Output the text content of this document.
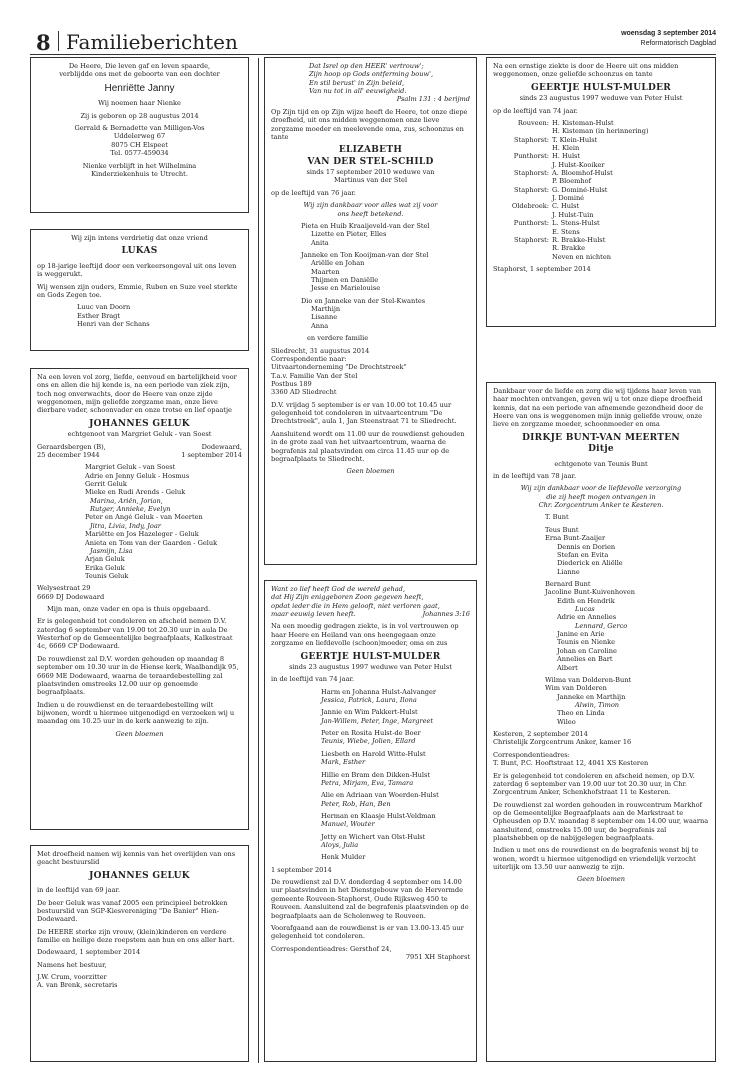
8 Familieberichten	woensdag 3 september 2014
Reformatorisch Dagblad

De Heere, Die leven gaf en leven spaarde,

verblijdde ons met de geboorte van een dochter

Henriëtte Janny

Wij noemen haar Nienke

Zij is geboren op 28 augustus 2014

Gerrald & Bernadette van Milligen-Vos

Uddelerweg 67

8075 CH Elspeet

Tel. 0577-459034

Nienke verblijft in het Wilhelmina

Kinderziekenhuis te Utrecht.

Wij zijn intens verdrietig dat onze vriend

LUKAS

op 18-jarige leeftijd door een verkeersongeval uit ons leven is weggerukt.

Wij wensen zijn ouders, Emmie, Ruben en Suze veel sterkte en Gods Zegen toe.

Luuc van Doorn

Esther Bragt

Henri van der Schans

Na een leven vol zorg, liefde, eenvoud en bartelijkheid voor ons en allen die hij kende is, na een periode van ziek zijn, toch nog onverwachts, door de Heere van onze zijde weggenomen, mijn geliefde zorgzame man, onze lieve dierbare vader, schoonvader en onze trotse en lief opaatje

JOHANNES GELUK

echtgenoot van Margriet Geluk - van Soest

Geraardsbergen (B),	Dodewaard,
25 december 1944	1 september 2014

Margriet Geluk - van Soest

Adrie en Jenny Geluk - Hosmus

Gerrit Geluk

Mieke en Rudi Arends - Geluk

Marina, Ariën, Jorian,

Rutger, Annieke, Evelyn

Peter en Angé Geluk - van Meerten

Jitra, Livia, Indy, Joar

Mariëtte en Jos Hazeleger - Geluk

Anieta en Tom van der Gaarden - Geluk

Jasmijn, Lisa

Arjan Geluk

Erika Geluk

Teunis Geluk

Welysestraat 29

6669 DJ Dodewaard

Mijn man, onze vader en opa is thuis opgebaard.

Er is gelegenheid tot condoleren en afscheid nemen D.V. zaterdag 6 september van 19.00 tot 20.30 uur in aula De Westerhof op de Gemeentelijke begraafplaats, Kalkestraat 4c, 6669 CP Dodewaard.

De rouwdienst zal D.V. worden gehouden op maandag 8 september om 10.30 uur in de Hiense kerk, Waalbandijk 95, 6669 ME Dodewaard, waarna de teraardebestelling zal plaatsvinden omstreeks 12.00 uur op genoemde begraafplaats.

Indien u de rouwdienst en de teraardebestelling wilt bijwonen, wordt u hiermee uitgenodigd en verzoeken wij u maandag om 10.25 uur in de kerk aanwezig te zijn.

Geen bloemen

Met droefheid namen wij kennis van het overlijden van ons geacht bestuurslid

JOHANNES GELUK

in de leeftijd van 69 jaar.

De beer Geluk was vanaf 2005 een principieel betrokken bestuurslid van SGP-Kiesvereniging "De Banier" Hien-Dodewaard.

De HEERE sterke zijn vrouw, (klein)kinderen en verdere familie en heilige deze roepstem aan hun en ons aller hart.

Dodewaard, 1 september 2014

Namens het bestuur,

J.W. Crum, voorzitter

A. van Brenk, secretaris

Dat Isrel op den HEER' vertrouw';

Zijn hoop op Gods ontferming bouw',

En stil berust' in Zijn beleid,

Van nu tot in all' eeuwigheid.

Psalm 131 : 4 berijmd

Op Zijn tijd en op Zijn wijze heeft de Heere, tot onze diepe droefheid, uit ons midden weggenomen onze lieve zorgzame moeder en meelevende oma, zus, schoonzus en tante

ELIZABETH

VAN DER STEL-SCHILD

sinds 17 september 2010 weduwe van

Martinus van der Stel

op de leeftijd van 76 jaar.

Wij zijn dankbaar voor alles wat zij voor

ons heeft betekend.

Pieta en Huib Kraaijeveld-van der Stel

Lizette en Pieter, Elles

Anita

Janneke en Ton Kooijman-van der Stel

Ariëlle en Johan

Maarten

Thijmen en Daniëlle

Jesse en Marielouise

Dio en Janneke van der Stel-Kwantes

Marthijn

Lisanne

Anna

en verdere familie

Sliedrecht, 31 augustus 2014

Correspondentie naar:

Uitvaartonderneming "De Drechtstreek"

T.a.v. Familie Van der Stel

Postbus 189

3360 AD Sliedrecht

D.V. vrijdag 5 september is er van 10.00 tot 10.45 uur gelegenheid tot condoleren in uitvaartcentrum "De Drechtstreek", aula 1, Jan Steenstraat 71 te Sliedrecht.

Aansluitend wordt om 11.00 uur de rouwdienst gehouden in de grote zaal van het uitvaartcentrum, waarna de begrafenis zal plaatsvinden om circa 11.45 uur op de begraafplaats te Sliedrecht.

Geen bloemen

Want zo lief heeft God de wereld gehad,

dat Hij Zijn eniggeboren Zoon gegeven heeft,

opdat ieder die in Hem gelooft, niet verloren gaat,

maar eeuwig leven heeft.	Johannes 3:16

Na een moedig gedragen ziekte, is in vol vertrouwen op haar Heere en Heiland van ons heengegaan onze zorgzame en liefdevolle (schoon)moeder, oma en zus

GEERTJE HULST-MULDER

sinds 23 augustus 1997 weduwe van Peter Hulst

in de leeftijd van 74 jaar.

Harm en Johanna Hulst-Aalvanger

Jessica, Patrick, Laura, Ilona

Jannie en Wim Pakkert-Hulst

Jan-Willem, Peter, Inge, Margreet

Peter en Rosita Hulst-de Boer

Teunis, Wiebe, Jolien, Ellard

Liesbeth en Harold Witte-Hulst

Mark, Esther

Hillie en Bram den Dikken-Hulst

Petra, Mirjam, Eva, Tamara

Alie en Adriaan van Woerden-Hulst

Peter, Rob, Han, Ben

Herman en Klaasje Hulst-Veldman

Manuel, Wouter

Jetty en Wichert van Olst-Hulst

Aloys, Julia

Henk Mulder

1 september 2014

De rouwdienst zal D.V. donderdag 4 september om 14.00 uur plaatsvinden in het Dienstgebouw van de Hervormde gemeente Rouveen-Staphorst, Oude Rijksweg 450 te Rouveen. Aansluitend zal de begrafenis plaatsvinden op de begraafplaats aan de Scholenweg te Rouveen.

Voorafgaand aan de rouwdienst is er van 13.00-13.45 uur gelegenheid tot condoleren.

Correspondentieadres: Gersthof 24,

7951 XH Staphorst

Na een ernstige ziekte is door de Heere uit ons midden weggenomen, onze geliefde schoonzus en tante

GEERTJE HULST-MULDER

sinds 23 augustus 1997 weduwe van Peter Hulst

op de leeftijd van 74 jaar.

Rouveen: H. Kisteman-Hulst
H. Kisteman (in herinnering)
Staphorst: T. Klein-Hulst
H. Klein
Punthorst: H. Hulst
J. Hulst-Kooiker
Staphorst: A. Bloemhof-Hulst
P. Bloemhof
Staphorst: G. Dominé-Hulst
J. Dominé
Oldebroek: C. Hulst
J. Hulst-Tuin
Punthorst: L. Stens-Hulst
E. Stens
Staphorst: R. Brakke-Hulst
R. Brakke
Neven en nichten

Staphorst, 1 september 2014

Dankbaar voor de liefde en zorg die wij tijdens haar leven van haar mochten ontvangen, geven wij u tot onze diepe droefheid kennis, dat na een periode van afnemende gezondheid door de Heere van ons is weggenomen mijn innig geliefde vrouw, onze lieve en zorgzame moeder, schoonmoeder en oma

DIRKJE BUNT-VAN MEERTEN

Ditje

echtgenote van Teunis Bunt

in de leeftijd van 78 jaar.

Wij zijn dankbaar voor de liefdevolle verzorging

die zij heeft mogen ontvangen in

Chr. Zorgcentrum Anker te Kesteren.

T. Bunt

Teus Bunt

Erna Bunt-Zaaijer

Dennis en Dorien

Stefan en Evita

Diederick en Aliëlle

Lianne

Bernard Bunt

Jacoline Bunt-Kuivenhoven

Edith en Hendrik

Lucas

Adrie en Annelies

Lennard, Gerco

Janine en Arie

Teunis en Nienke

Johan en Caroline

Annelies en Bart

Albert

Wilma van Dolderen-Bunt

Wim van Dolderen

Janneke en Marthijn

Alwin, Timon

Theo en Linda

Wileo

Kesteren, 2 september 2014

Christelijk Zorgcentrum Anker, kamer 16

Correspondentieadres:

T. Bunt, P.C. Hooftstraat 12, 4041 XS Kesteren

Er is gelegenheid tot condoleren en afscheid nemen, op D.V. zaterdag 6 september van 19.00 uur tot 20.30 uur, in Chr. Zorgcentrum Anker, Schenkhofstraat 11 te Kesteren.

De rouwdienst zal worden gehouden in rouwcentrum Markhof op de Gemeentelijke Begraafplaats aan de Markstraat te Opheusden op D.V. maandag 8 september om 14.00 uur, waarna aansluitend, omstreeks 15.00 uur, de begrafenis zal plaatshebben op de nabijgelegen begraafplaats.

Indien u met ons de rouwdienst en de begrafenis wenst bij te wonen, wordt u hiermee uitgenodigd en vriendelijk verzocht uiterlijk om 13.50 uur aanwezig te zijn.

Geen bloemen
